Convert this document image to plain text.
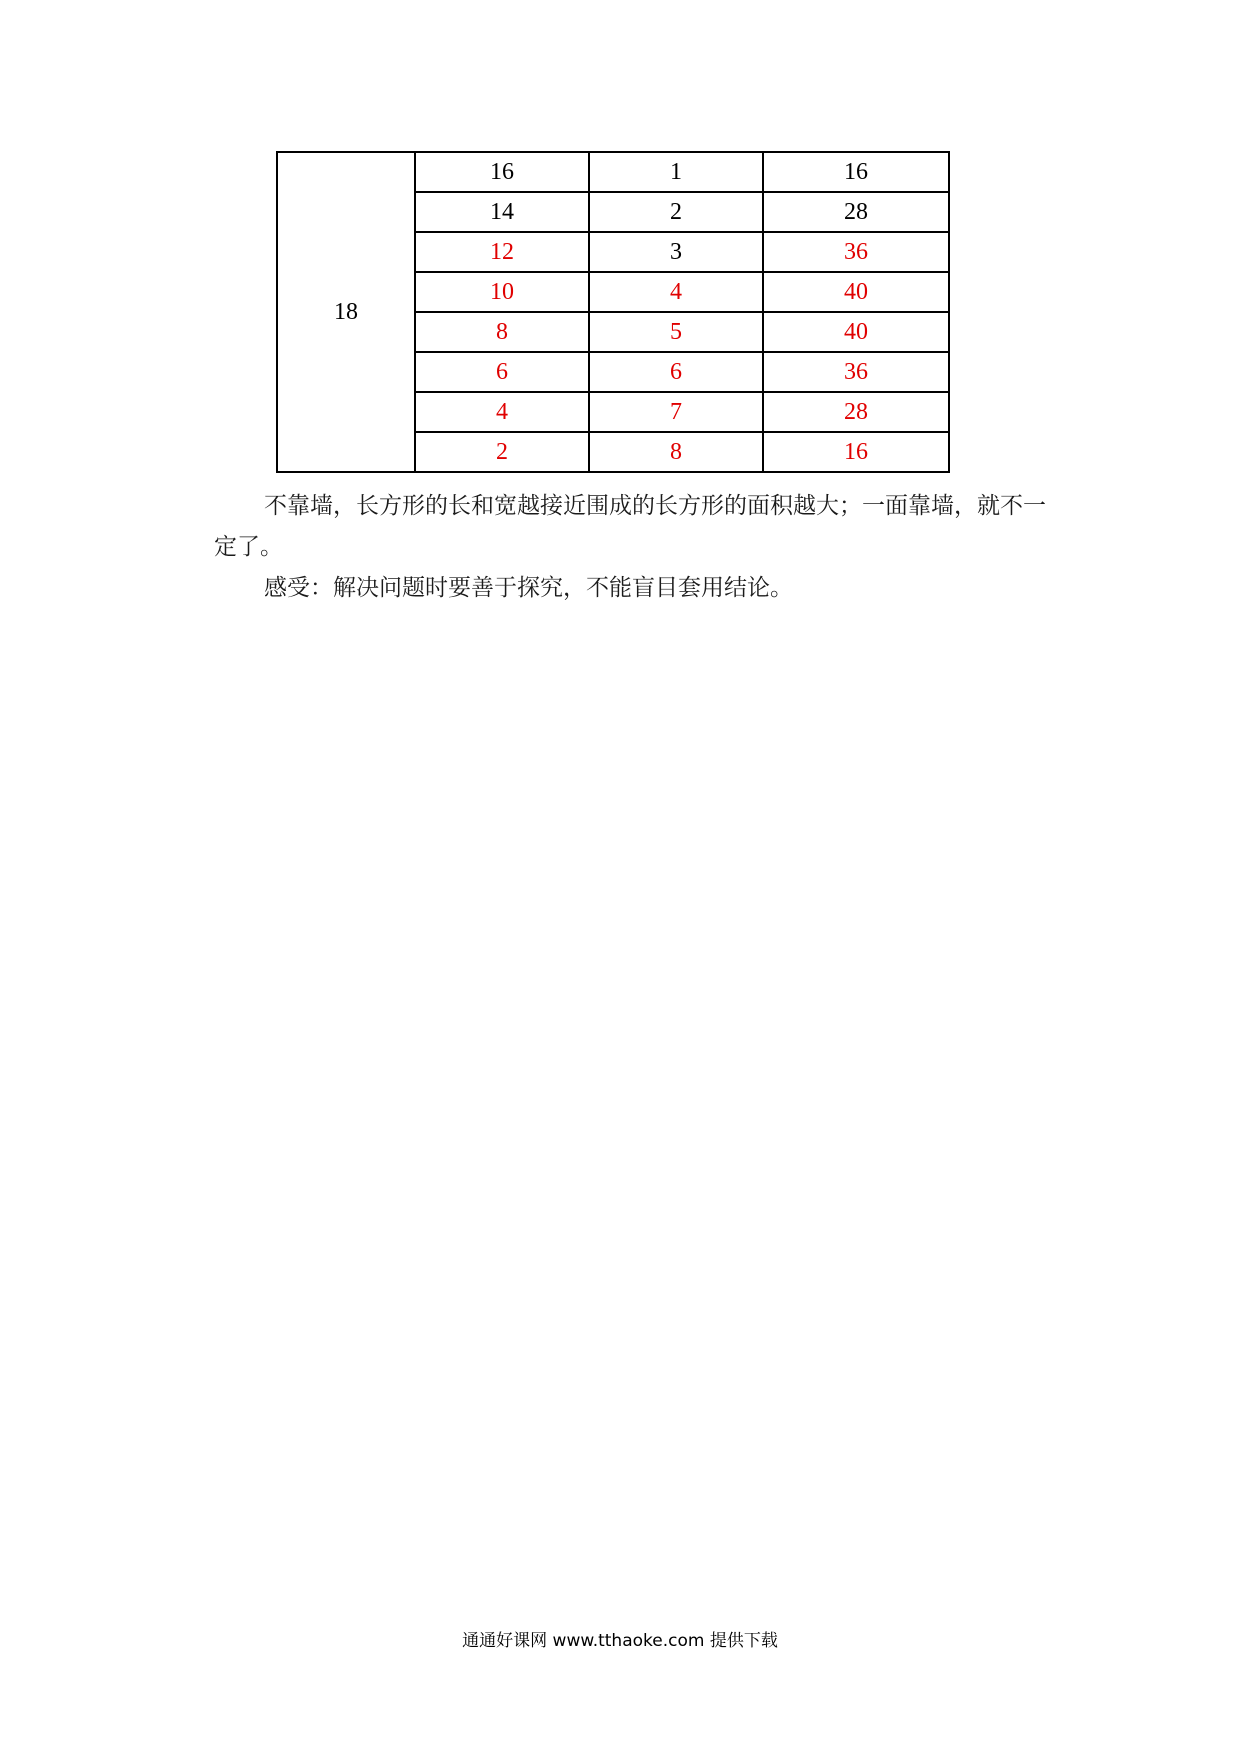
18	16	1	16
	14	2	28
	12	3	36
	10	4	40
	8	5	40
	6	6	36
	4	7	28
	2	8	16

不靠墙，长方形的长和宽越接近围成的长方形的面积越大；一面靠墙，就不一定了。

感受：解决问题时要善于探究，不能盲目套用结论。

通通好课网 www.tthaoke.com 提供下载
